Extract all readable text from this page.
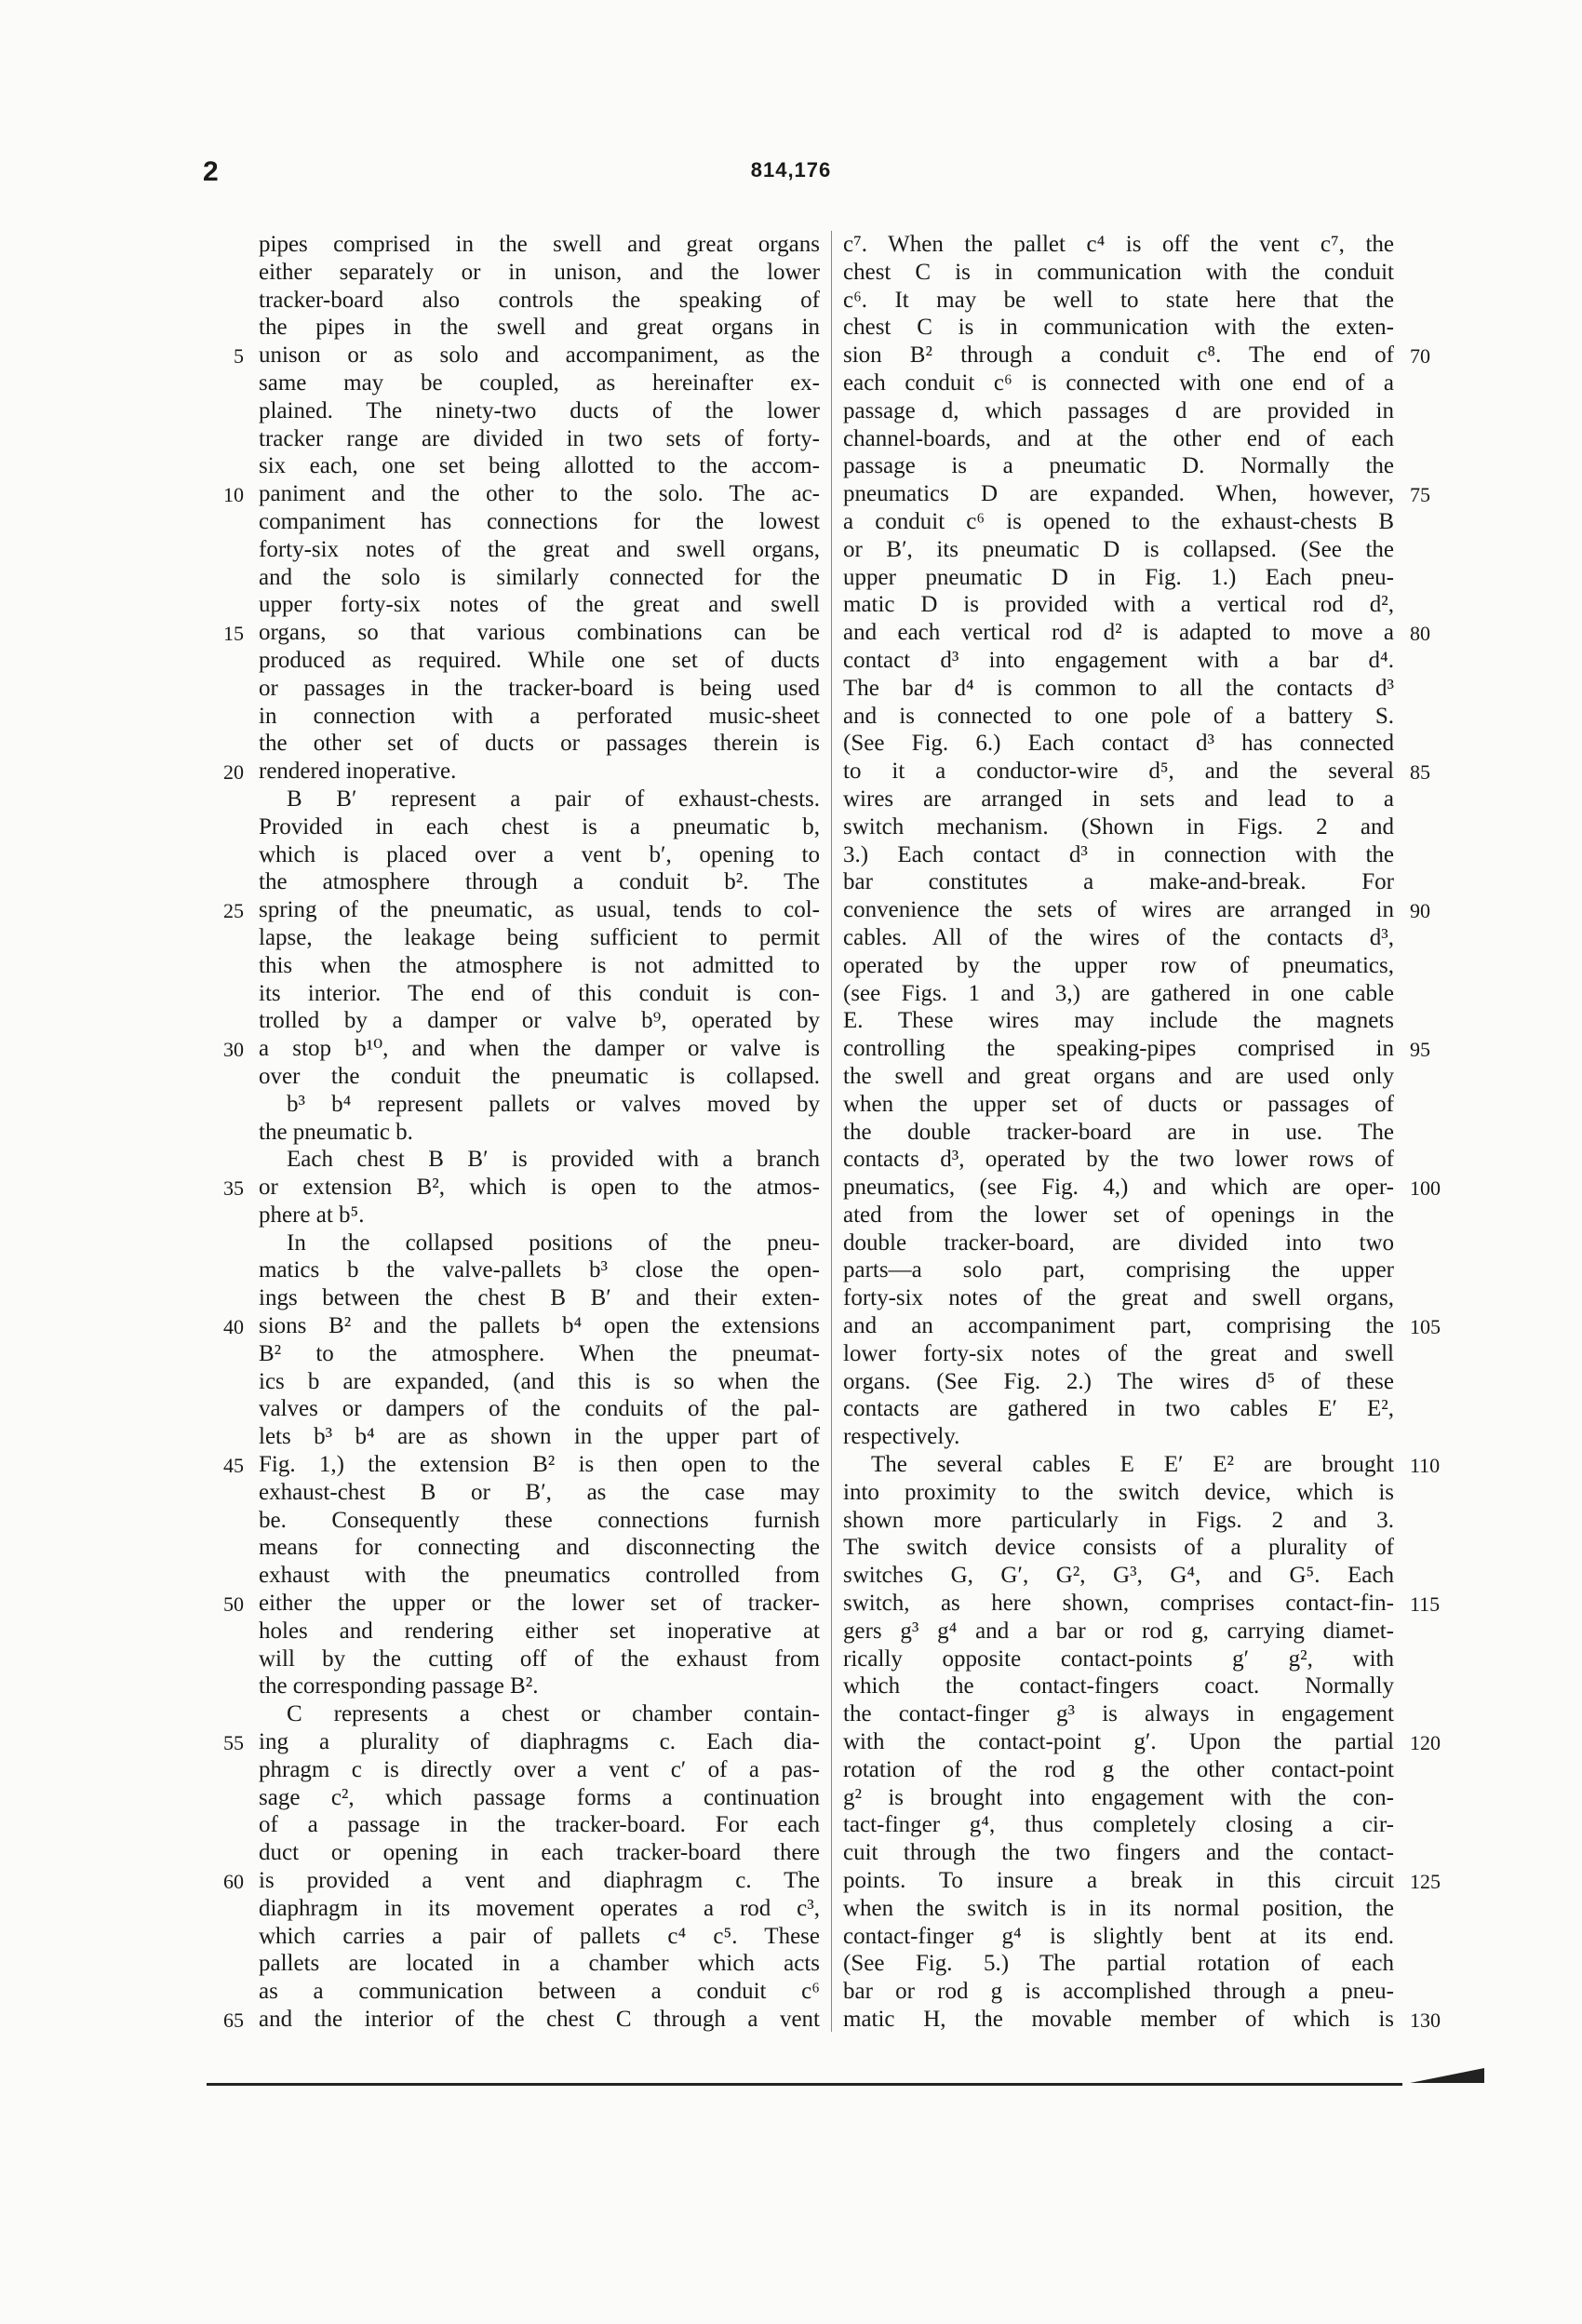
2	814,176
pipes comprised in the swell and great organs
either separately or in unison, and the lower
tracker-board also controls the speaking of
the pipes in the swell and great organs in
unison or as solo and accompaniment, as the
same may be coupled, as hereinafter ex-
plained. The ninety-two ducts of the lower
tracker range are divided in two sets of forty-
six each, one set being allotted to the accom-
paniment and the other to the solo. The ac-
companiment has connections for the lowest
forty-six notes of the great and swell organs,
and the solo is similarly connected for the
upper forty-six notes of the great and swell
organs, so that various combinations can be
produced as required. While one set of ducts
or passages in the tracker-board is being used
in connection with a perforated music-sheet
the other set of ducts or passages therein is
rendered inoperative.
B B′ represent a pair of exhaust-chests.
Provided in each chest is a pneumatic b,
which is placed over a vent b′, opening to
the atmosphere through a conduit b². The
spring of the pneumatic, as usual, tends to col-
lapse, the leakage being sufficient to permit
this when the atmosphere is not admitted to
its interior. The end of this conduit is con-
trolled by a damper or valve b⁹, operated by
a stop b¹⁰, and when the damper or valve is
over the conduit the pneumatic is collapsed.
b³ b⁴ represent pallets or valves moved by
the pneumatic b.
Each chest B B′ is provided with a branch
or extension B², which is open to the atmos-
phere at b⁵.
In the collapsed positions of the pneu-
matics b the valve-pallets b³ close the open-
ings between the chest B B′ and their exten-
sions B² and the pallets b⁴ open the extensions
B² to the atmosphere. When the pneumat-
ics b are expanded, (and this is so when the
valves or dampers of the conduits of the pal-
lets b³ b⁴ are as shown in the upper part of
Fig. 1,) the extension B² is then open to the
exhaust-chest B or B′, as the case may
be. Consequently these connections furnish
means for connecting and disconnecting the
exhaust with the pneumatics controlled from
either the upper or the lower set of tracker-
holes and rendering either set inoperative at
will by the cutting off of the exhaust from
the corresponding passage B².
C represents a chest or chamber contain-
ing a plurality of diaphragms c. Each dia-
phragm c is directly over a vent c′ of a pas-
sage c², which passage forms a continuation
of a passage in the tracker-board. For each
duct or opening in each tracker-board there
is provided a vent and diaphragm c. The
diaphragm in its movement operates a rod c³,
which carries a pair of pallets c⁴ c⁵. These
pallets are located in a chamber which acts
as a communication between a conduit c⁶
and the interior of the chest C through a vent
c⁷. When the pallet c⁴ is off the vent c⁷, the
chest C is in communication with the conduit
c⁶. It may be well to state here that the
chest C is in communication with the exten-
sion B² through a conduit c⁸. The end of
each conduit c⁶ is connected with one end of a
passage d, which passages d are provided in
channel-boards, and at the other end of each
passage is a pneumatic D. Normally the
pneumatics D are expanded. When, however,
a conduit c⁶ is opened to the exhaust-chests B
or B′, its pneumatic D is collapsed. (See the
upper pneumatic D in Fig. 1.) Each pneu-
matic D is provided with a vertical rod d²,
and each vertical rod d² is adapted to move a
contact d³ into engagement with a bar d⁴.
The bar d⁴ is common to all the contacts d³
and is connected to one pole of a battery S.
(See Fig. 6.) Each contact d³ has connected
to it a conductor-wire d⁵, and the several
wires are arranged in sets and lead to a
switch mechanism. (Shown in Figs. 2 and
3.) Each contact d³ in connection with the
bar constitutes a make-and-break. For
convenience the sets of wires are arranged in
cables. All of the wires of the contacts d³,
operated by the upper row of pneumatics,
(see Figs. 1 and 3,) are gathered in one cable
E. These wires may include the magnets
controlling the speaking-pipes comprised in
the swell and great organs and are used only
when the upper set of ducts or passages of
the double tracker-board are in use. The
contacts d³, operated by the two lower rows of
pneumatics, (see Fig. 4,) and which are oper-
ated from the lower set of openings in the
double tracker-board, are divided into two
parts—a solo part, comprising the upper
forty-six notes of the great and swell organs,
and an accompaniment part, comprising the
lower forty-six notes of the great and swell
organs. (See Fig. 2.) The wires d⁵ of these
contacts are gathered in two cables E′ E²,
respectively.
The several cables E E′ E² are brought
into proximity to the switch device, which is
shown more particularly in Figs. 2 and 3.
The switch device consists of a plurality of
switches G, G′, G², G³, G⁴, and G⁵. Each
switch, as here shown, comprises contact-fin-
gers g³ g⁴ and a bar or rod g, carrying diamet-
rically opposite contact-points g′ g², with
which the contact-fingers coact. Normally
the contact-finger g³ is always in engagement
with the contact-point g′. Upon the partial
rotation of the rod g the other contact-point
g² is brought into engagement with the con-
tact-finger g⁴, thus completely closing a cir-
cuit through the two fingers and the contact-
points. To insure a break in this circuit
when the switch is in its normal position, the
contact-finger g⁴ is slightly bent at its end.
(See Fig. 5.) The partial rotation of each
bar or rod g is accomplished through a pneu-
matic H, the movable member of which is
5
10
15
20
25
30
35
40
45
50
55
60
65
70
75
80
85
90
95
100
105
110
115
120
125
130
